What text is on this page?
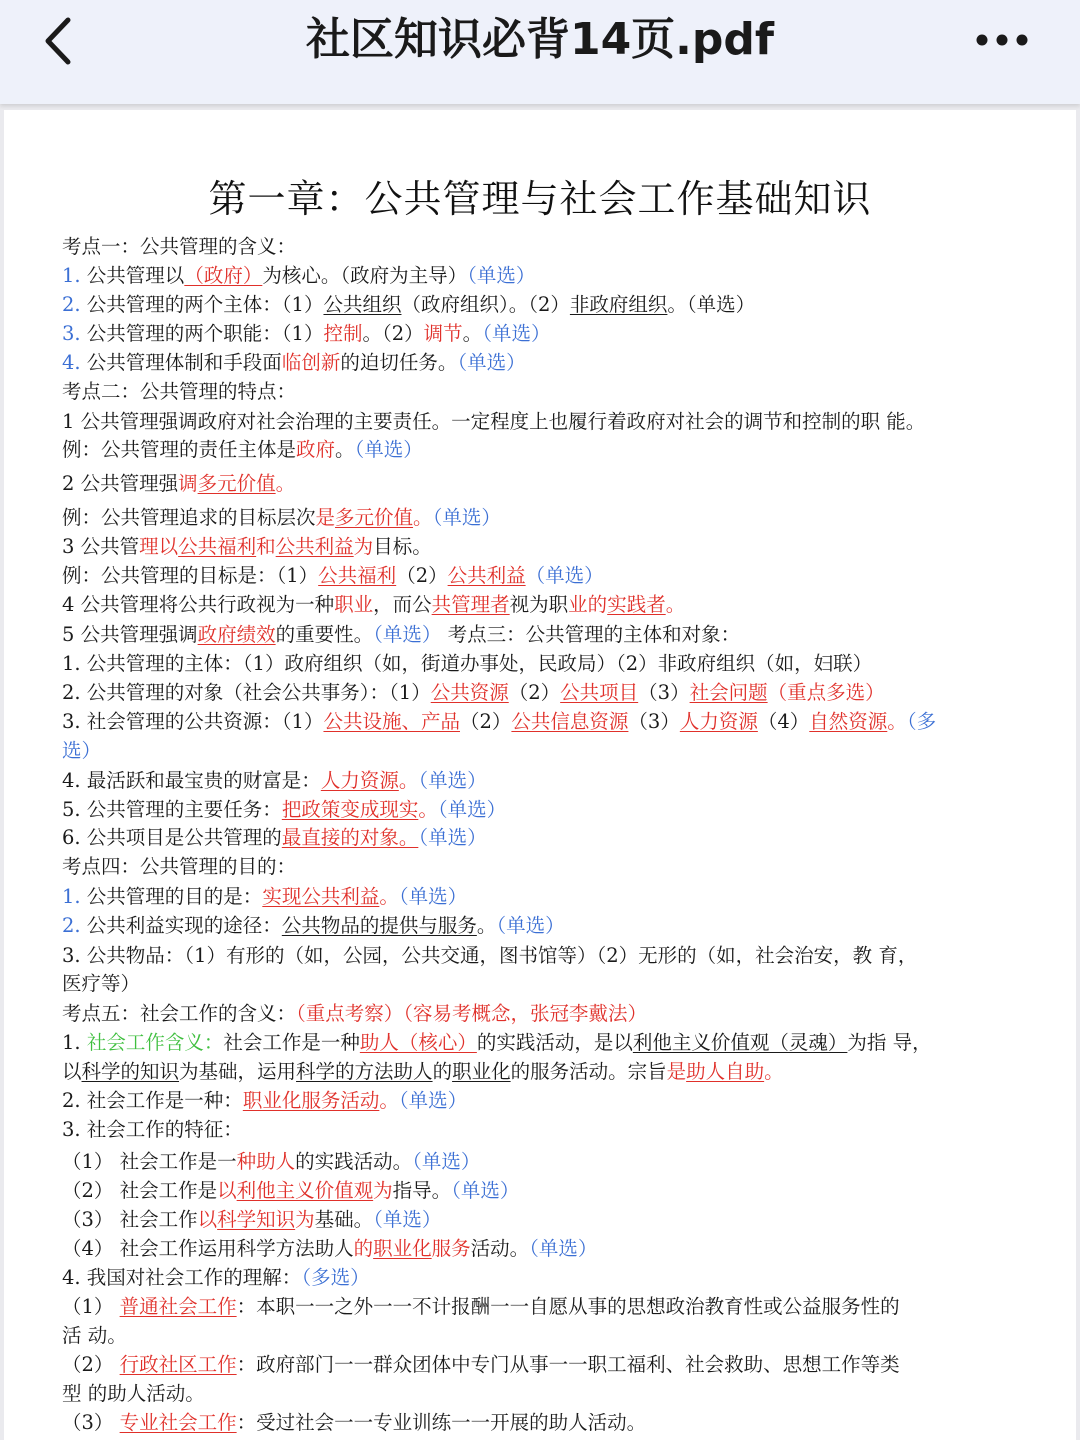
社区知识必背14页.pdf
第一章：公共管理与社会工作基础知识
考点一：公共管理的含义：
1. 公共管理以（政府）为核心。（政府为主导）（单选）
2. 公共管理的两个主体：（1）公共组织（政府组织）。（2）非政府组织。（单选）
3. 公共管理的两个职能：（1）控制。（2）调节。（单选）
4. 公共管理体制和手段面临创新的迫切任务。（单选）
考点二：公共管理的特点：
1 公共管理强调政府对社会治理的主要责任。一定程度上也履行着政府对社会的调节和控制的职 能。
例：公共管理的责任主体是政府。（单选）
2 公共管理强调多元价值。
例：公共管理追求的目标层次是多元价值。（单选）
3 公共管理以公共福利和公共利益为目标。
例：公共管理的目标是：（1）公共福利（2）公共利益（单选）
4 公共管理将公共行政视为一种职业，而公共管理者视为职业的实践者。
5 公共管理强调政府绩效的重要性。（单选） 考点三：公共管理的主体和对象：
1. 公共管理的主体：（1）政府组织（如，街道办事处，民政局）（2）非政府组织（如，妇联）
2. 公共管理的对象（社会公共事务）：（1）公共资源（2）公共项目（3）社会问题（重点多选）
3. 社会管理的公共资源：（1）公共设施、产品（2）公共信息资源（3）人力资源（4）自然资源。（多
选）
4. 最活跃和最宝贵的财富是：人力资源。（单选）
5. 公共管理的主要任务：把政策变成现实。（单选）
6. 公共项目是公共管理的最直接的对象。（单选）
考点四：公共管理的目的：
1. 公共管理的目的是：实现公共利益。（单选）
2. 公共利益实现的途径：公共物品的提供与服务。（单选）
3. 公共物品：（1）有形的（如，公园，公共交通，图书馆等）（2）无形的（如，社会治安，教 育，
医疗等）
考点五：社会工作的含义：（重点考察）（容易考概念，张冠李戴法）
1. 社会工作含义：社会工作是一种助人（核心）的实践活动，是以利他主义价值观（灵魂）为指 导，
以科学的知识为基础，运用科学的方法助人的职业化的服务活动。宗旨是助人自助。
2. 社会工作是一种：职业化服务活动。（单选）
3. 社会工作的特征：
（1） 社会工作是一种助人的实践活动。（单选）
（2） 社会工作是以利他主义价值观为指导。（单选）
（3） 社会工作以科学知识为基础。（单选）
（4） 社会工作运用科学方法助人的职业化服务活动。（单选）
4. 我国对社会工作的理解：（多选）
（1） 普通社会工作：本职一一之外一一不计报酬一一自愿从事的思想政治教育性或公益服务性的
活 动。
（2） 行政社区工作：政府部门一一群众团体中专门从事一一职工福利、社会救助、思想工作等类
型 的助人活动。
（3） 专业社会工作：受过社会一一专业训练一一开展的助人活动。
